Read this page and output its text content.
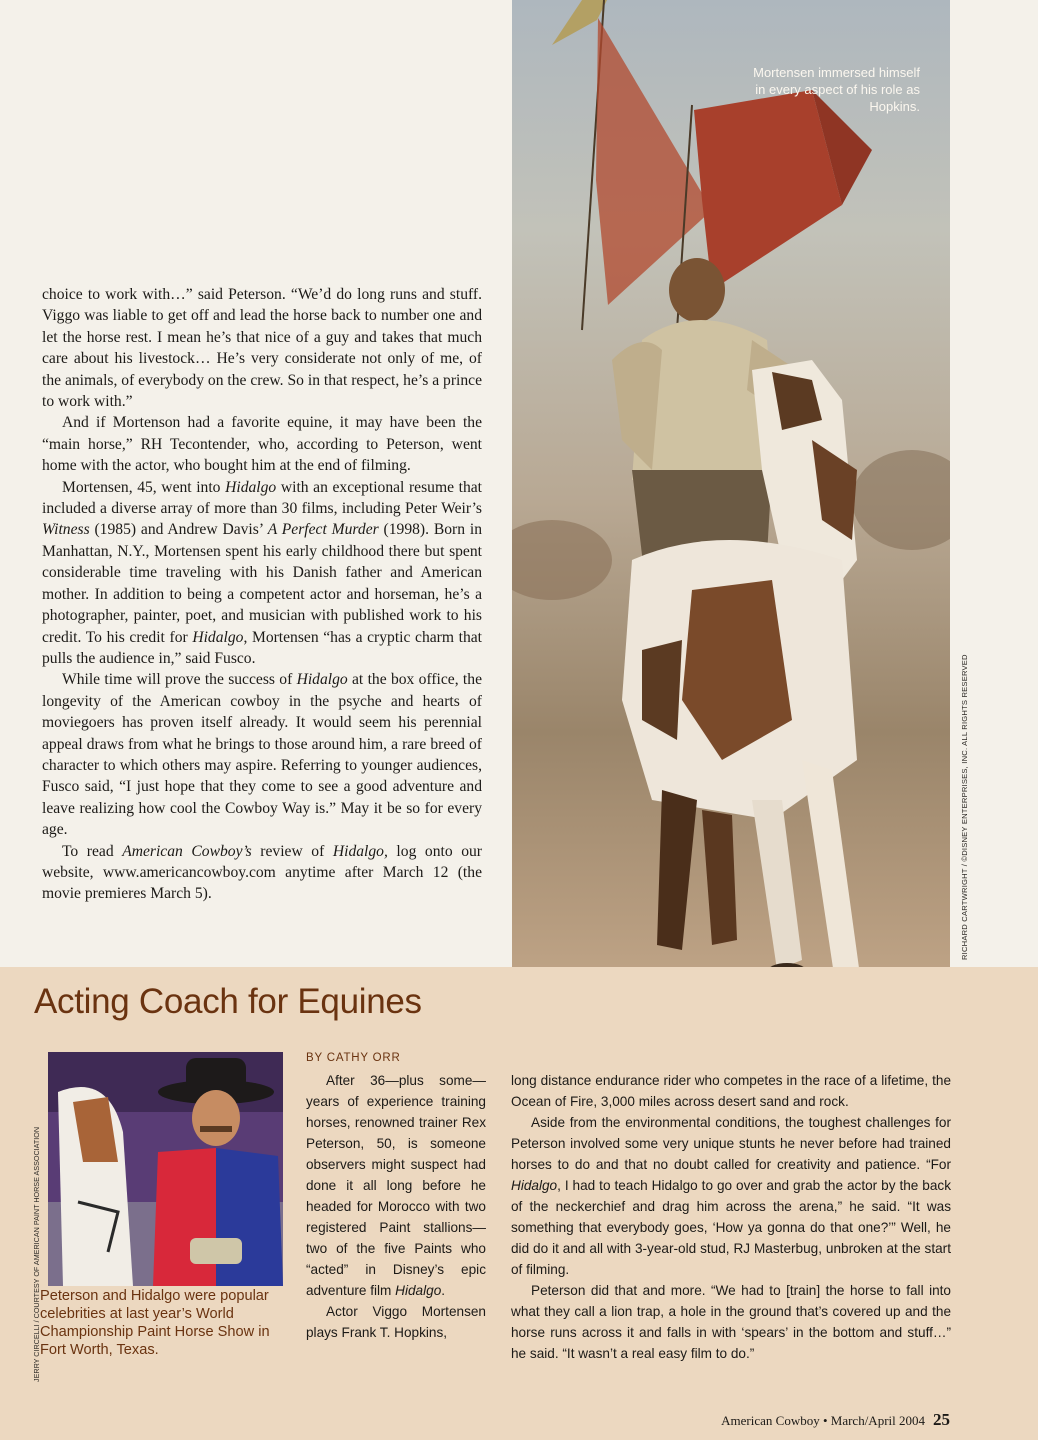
choice to work with…” said Peterson. “We’d do long runs and stuff. Viggo was liable to get off and lead the horse back to number one and let the horse rest. I mean he’s that nice of a guy and takes that much care about his livestock… He’s very considerate not only of me, of the animals, of everybody on the crew. So in that respect, he’s a prince to work with.”

And if Mortenson had a favorite equine, it may have been the “main horse,” RH Tecontender, who, according to Peterson, went home with the actor, who bought him at the end of filming.

Mortensen, 45, went into Hidalgo with an exceptional resume that included a diverse array of more than 30 films, including Peter Weir’s Witness (1985) and Andrew Davis’ A Perfect Murder (1998). Born in Manhattan, N.Y., Mortensen spent his early childhood there but spent considerable time traveling with his Danish father and American mother. In addition to being a competent actor and horseman, he’s a photographer, painter, poet, and musician with published work to his credit. To his credit for Hidalgo, Mortensen “has a cryptic charm that pulls the audience in,” said Fusco.

While time will prove the success of Hidalgo at the box office, the longevity of the American cowboy in the psyche and hearts of moviegoers has proven itself already. It would seem his perennial appeal draws from what he brings to those around him, a rare breed of character to which others may aspire. Referring to younger audiences, Fusco said, “I just hope that they come to see a good adventure and leave realizing how cool the Cowboy Way is.” May it be so for every age.

To read American Cowboy’s review of Hidalgo, log onto our website, www.americancowboy.com anytime after March 12 (the movie premieres March 5).

Mortensen immersed himself in every aspect of his role as Hopkins.
RICHARD CARTWRIGHT / ©DISNEY ENTERPRISES, INC. ALL RIGHTS RESERVED
Acting Coach for Equines
JERRY CIRCELLI / COURTESY OF AMERICAN PAINT HORSE ASSOCIATION Peterson and Hidalgo were popular celebrities at last year’s World Championship Paint Horse Show in Fort Worth, Texas.
BY CATHY ORR

After 36—plus some—years of experience training horses, renowned trainer Rex Peterson, 50, is someone observers might suspect had done it all long before he headed for Morocco with two registered Paint stallions—two of the five Paints who “acted” in Disney’s epic adventure film Hidalgo.

Actor Viggo Mortensen plays Frank T. Hopkins,

long distance endurance rider who competes in the race of a lifetime, the Ocean of Fire, 3,000 miles across desert sand and rock.

Aside from the environmental conditions, the toughest challenges for Peterson involved some very unique stunts he never before had trained horses to do and that no doubt called for creativity and patience. “For Hidalgo, I had to teach Hidalgo to go over and grab the actor by the back of the neckerchief and drag him across the arena,” he said. “It was something that everybody goes, ‘How ya gonna do that one?’” Well, he did do it and all with 3-year-old stud, RJ Masterbug, unbroken at the start of filming.

Peterson did that and more. “We had to [train] the horse to fall into what they call a lion trap, a hole in the ground that’s covered up and the horse runs across it and falls in with ‘spears’ in the bottom and stuff…” he said. “It wasn’t a real easy film to do.”

American Cowboy • March/April 2004 25
